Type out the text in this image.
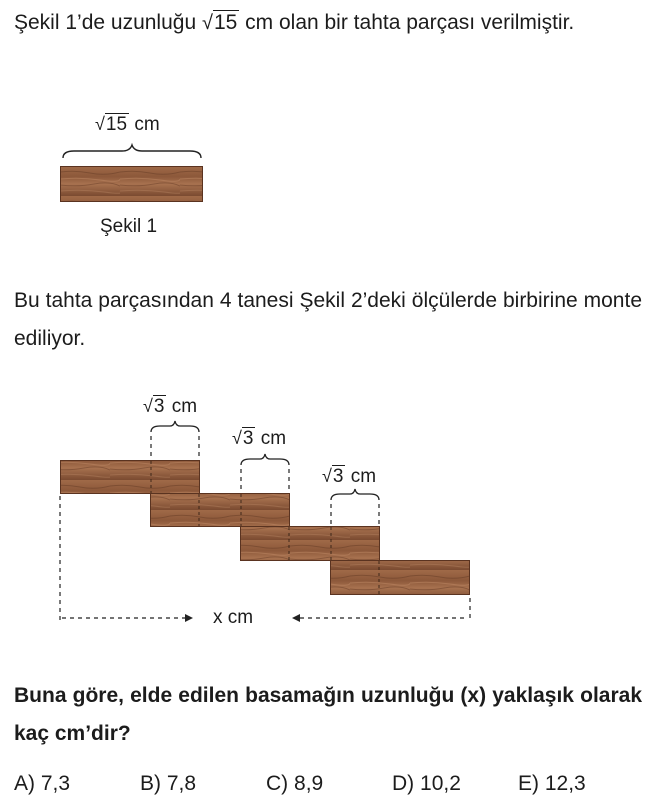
Şekil 1’de uzunluğu √15 cm olan bir tahta parçası verilmiştir.

√15 cm
Şekil 1

Bu tahta parçasından 4 tanesi Şekil 2’deki ölçülerde birbirine monte ediliyor.

√3 cm
√3 cm
√3 cm
x cm

Buna göre, elde edilen basamağın uzunluğu (x) yaklaşık olarak kaç cm’dir?

A) 7,3	B) 7,8	C) 8,9	D) 10,2	E) 12,3
